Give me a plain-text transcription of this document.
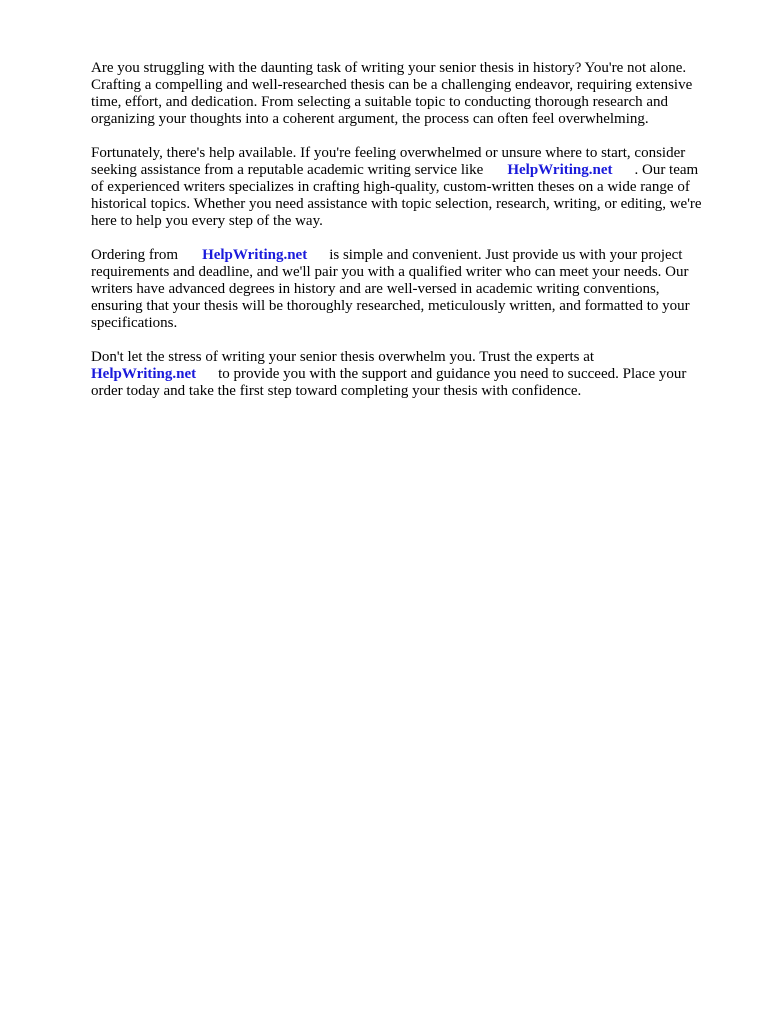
Are you struggling with the daunting task of writing your senior thesis in history? You're not alone.
Crafting a compelling and well-researched thesis can be a challenging endeavor, requiring extensive
time, effort, and dedication. From selecting a suitable topic to conducting thorough research and
organizing your thoughts into a coherent argument, the process can often feel overwhelming.

Fortunately, there's help available. If you're feeling overwhelmed or unsure where to start, consider
seeking assistance from a reputable academic writing service like HelpWriting.net . Our team
of experienced writers specializes in crafting high-quality, custom-written theses on a wide range of
historical topics. Whether you need assistance with topic selection, research, writing, or editing, we're
here to help you every step of the way.

Ordering from HelpWriting.net is simple and convenient. Just provide us with your project
requirements and deadline, and we'll pair you with a qualified writer who can meet your needs. Our
writers have advanced degrees in history and are well-versed in academic writing conventions,
ensuring that your thesis will be thoroughly researched, meticulously written, and formatted to your
specifications.

Don't let the stress of writing your senior thesis overwhelm you. Trust the experts at
HelpWriting.net to provide you with the support and guidance you need to succeed. Place your
order today and take the first step toward completing your thesis with confidence.
